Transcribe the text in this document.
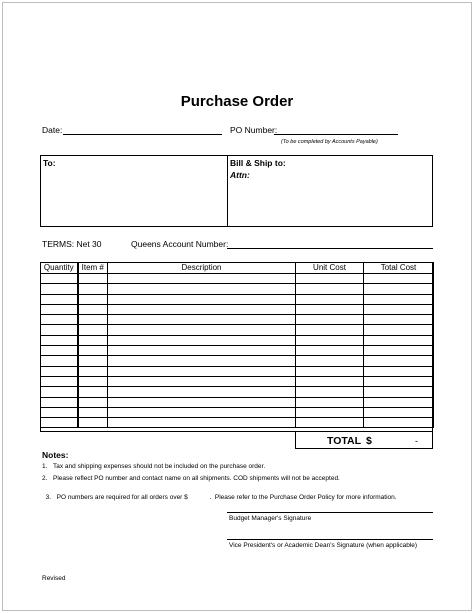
Purchase Order
Date:	PO Number:
(To be completed by Accounts Payable)
To:	Bill & Ship to:
Attn:
TERMS: Net 30	Queens Account Number:
Quantity	Item #	Description	Unit Cost	Total Cost

TOTAL $	-
Notes:
1. Tax and shipping expenses should not be included on the purchase order.
2. Please reflect PO number and contact name on all shipments. COD shipments will not be accepted.

3. PO numbers are required for all orders over $            .  Please refer to the Purchase Order Policy for more information.

Budget Manager's Signature
Vice President's or Academic Dean's Signature (when applicable)
Revised
